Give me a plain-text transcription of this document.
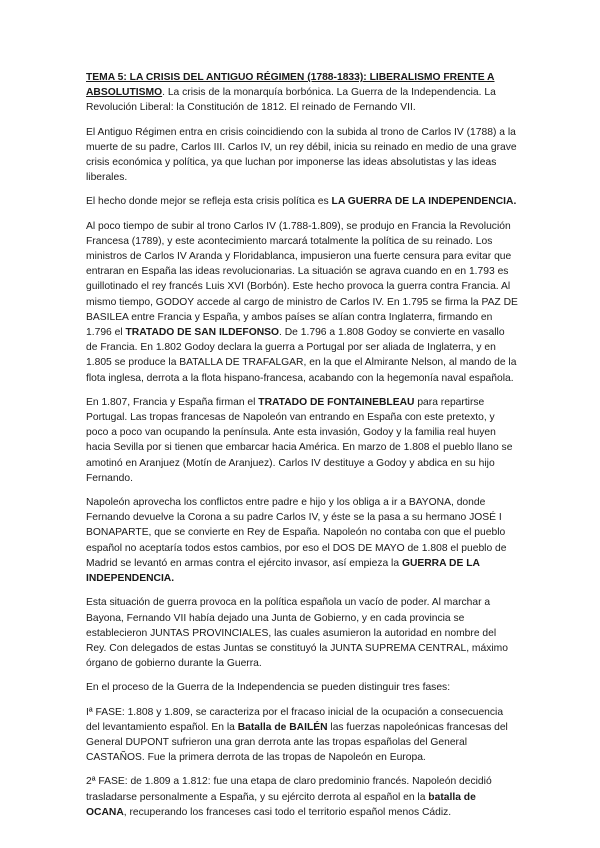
TEMA 5: LA CRISIS DEL ANTIGUO RÉGIMEN (1788-1833): LIBERALISMO FRENTE A ABSOLUTISMO. La crisis de la monarquía borbónica. La Guerra de la Independencia. La Revolución Liberal: la Constitución de 1812. El reinado de Fernando VII.

El Antiguo Régimen entra en crisis coincidiendo con la subida al trono de Carlos IV (1788) a la muerte de su padre, Carlos III. Carlos IV, un rey débil, inicia su reinado en medio de una grave crisis económica y política, ya que luchan por imponerse las ideas absolutistas y las ideas liberales.

El hecho donde mejor se refleja esta crisis política es LA GUERRA DE LA INDEPENDENCIA.

Al poco tiempo de subir al trono Carlos IV (1.788-1.809), se produjo en Francia la Revolución Francesa (1789), y este acontecimiento marcará totalmente la política de su reinado. Los ministros de Carlos IV Aranda y Floridablanca, impusieron una fuerte censura para evitar que entraran en España las ideas revolucionarias. La situación se agrava cuando en en 1.793 es guillotinado el rey francés Luis XVI (Borbón). Este hecho provoca la guerra contra Francia. Al mismo tiempo, GODOY accede al cargo de ministro de Carlos IV. En 1.795 se firma la PAZ DE BASILEA entre Francia y España, y ambos países se alían contra Inglaterra, firmando en 1.796 el TRATADO DE SAN ILDEFONSO. De 1.796 a 1.808 Godoy se convierte en vasallo de Francia. En 1.802 Godoy declara la guerra a Portugal por ser aliada de Inglaterra, y en 1.805 se produce la BATALLA DE TRAFALGAR, en la que el Almirante Nelson, al mando de la flota inglesa, derrota a la flota hispano-francesa, acabando con la hegemonía naval española.

En 1.807, Francia y España firman el TRATADO DE FONTAINEBLEAU para repartirse Portugal. Las tropas francesas de Napoleón van entrando en España con este pretexto, y poco a poco van ocupando la península. Ante esta invasión, Godoy y la familia real huyen hacia Sevilla por si tienen que embarcar hacia América. En marzo de 1.808 el pueblo llano se amotinó en Aranjuez (Motín de Aranjuez). Carlos IV destituye a Godoy y abdica en su hijo Fernando.

Napoleón aprovecha los conflictos entre padre e hijo y los obliga a ir a BAYONA, donde Fernando devuelve la Corona a su padre Carlos IV, y éste se la pasa a su hermano JOSÉ I BONAPARTE, que se convierte en Rey de España. Napoleón no contaba con que el pueblo español no aceptaría todos estos cambios, por eso el DOS DE MAYO de 1.808 el pueblo de Madrid se levantó en armas contra el ejército invasor, así empieza la GUERRA DE LA INDEPENDENCIA.

Esta situación de guerra provoca en la política española un vacío de poder. Al marchar a Bayona, Fernando VII había dejado una Junta de Gobierno, y en cada provincia se establecieron JUNTAS PROVINCIALES, las cuales asumieron la autoridad en nombre del Rey. Con delegados de estas Juntas se constituyó la JUNTA SUPREMA CENTRAL, máximo órgano de gobierno durante la Guerra.

En el proceso de la Guerra de la Independencia se pueden distinguir tres fases:

Iª FASE: 1.808 y 1.809, se caracteriza por el fracaso inicial de la ocupación a consecuencia del levantamiento español. En la Batalla de BAILÉN las fuerzas napoleónicas francesas del General DUPONT sufrieron una gran derrota ante las tropas españolas del General CASTAÑOS. Fue la primera derrota de las tropas de Napoleón en Europa.

2ª FASE: de 1.809 a 1.812: fue una etapa de claro predominio francés. Napoleón decidió trasladarse personalmente a España, y su ejército derrota al español en la batalla de OCANA, recuperando los franceses casi todo el territorio español menos Cádiz.
